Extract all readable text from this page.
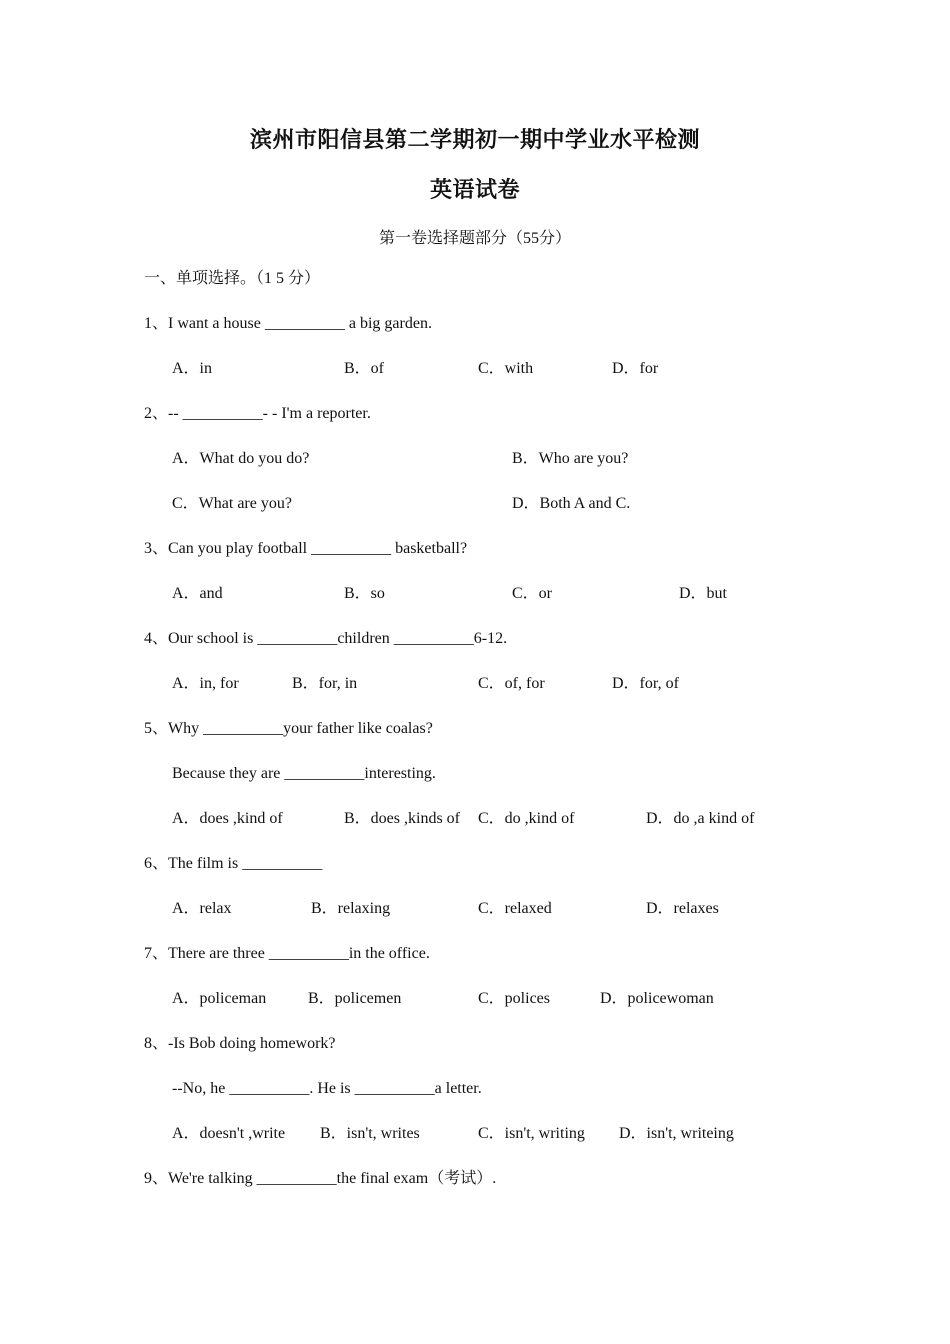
滨州市阳信县第二学期初一期中学业水平检测
英语试卷
第一卷选择题部分（55分）
一、单项选择。（1 5 分）
1、I want a house __________ a big garden.
A．in	B．of	C．with	D．for
2、-- __________- - I'm a reporter.
A．What do you do?	B．Who are you?
C．What are you?	D．Both A and C.
3、Can you play football __________ basketball?
A．and	B．so	C．or	D．but
4、Our school is __________children __________6-12.
A．in, for	B．for, in	C．of, for	D．for, of
5、Why __________your father like coalas?
Because they are __________interesting.
A．does ,kind of	B．does ,kinds of C．do ,kind of	D．do ,a kind of
6、The film is __________
A．relax	B．relaxing	C．relaxed	D．relaxes
7、There are three __________in the office.
A．policeman	B．policemen	C．polices	D．policewoman
8、-Is Bob doing homework?
--No, he __________. He is __________a letter.
A．doesn't ,write B．isn't, writes	C．isn't, writing D．isn't, writeing
9、We're talking __________the final exam（考试）.
